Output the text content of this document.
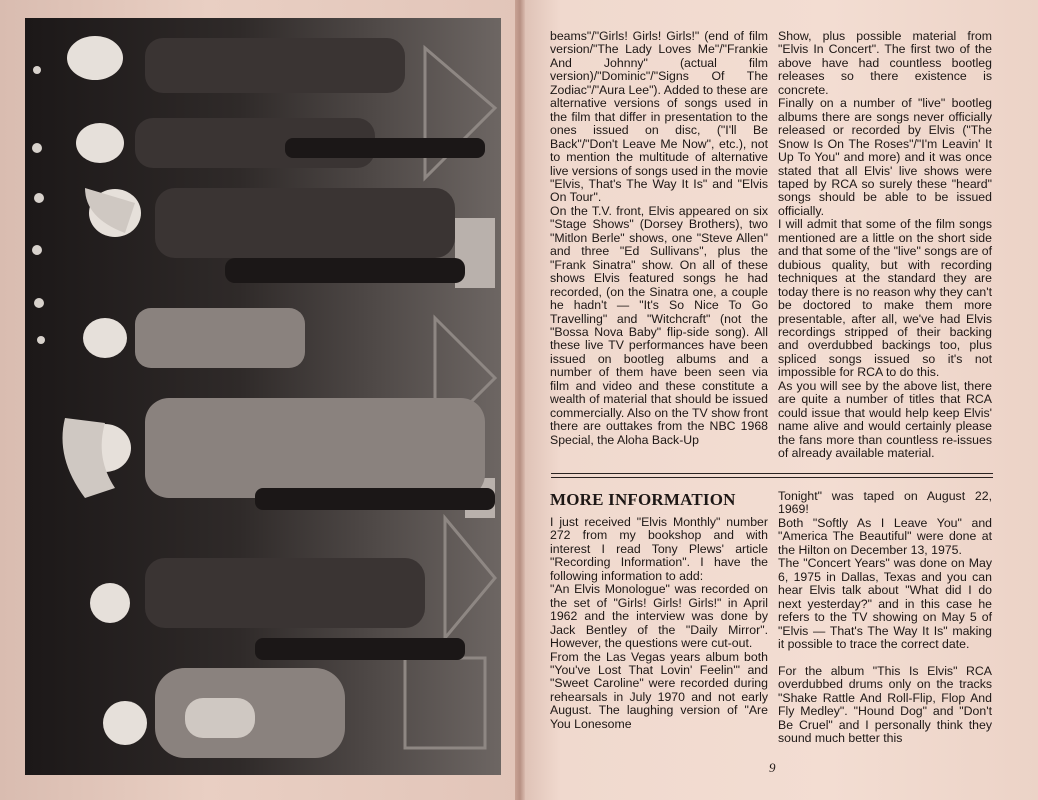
beams"/"Girls! Girls! Girls!" (end of film version/"The Lady Loves Me"/"Frankie And Johnny" (actual film version)/"Dominic"/"Signs Of The Zodiac"/"Aura Lee"). Added to these are alternative versions of songs used in the film that differ in presentation to the ones issued on disc, ("I'll Be Back"/"Don't Leave Me Now", etc.), not to mention the multitude of alternative live versions of songs used in the movie "Elvis, That's The Way It Is" and "Elvis On Tour".
On the T.V. front, Elvis appeared on six "Stage Shows" (Dorsey Brothers), two "Mitlon Berle" shows, one "Steve Allen" and three "Ed Sullivans", plus the "Frank Sinatra" show. On all of these shows Elvis featured songs he had recorded, (on the Sinatra one, a couple he hadn't — "It's So Nice To Go Travelling" and "Witchcraft" (not the "Bossa Nova Baby" flip-side song). All these live TV performances have been issued on bootleg albums and a number of them have been seen via film and video and these constitute a wealth of material that should be issued commercially. Also on the TV show front there are outtakes from the NBC 1968 Special, the Aloha Back-Up
Show, plus possible material from "Elvis In Concert". The first two of the above have had countless bootleg releases so there existence is concrete.
Finally on a number of "live" bootleg albums there are songs never officially released or recorded by Elvis ("The Snow Is On The Roses"/"I'm Leavin' It Up To You" and more) and it was once stated that all Elvis' live shows were taped by RCA so surely these "heard" songs should be able to be issued officially.
I will admit that some of the film songs mentioned are a little on the short side and that some of the "live" songs are of dubious quality, but with recording techniques at the standard they are today there is no reason why they can't be doctored to make them more presentable, after all, we've had Elvis recordings stripped of their backing and overdubbed backings too, plus spliced songs issued so it's not impossible for RCA to do this.
As you will see by the above list, there are quite a number of titles that RCA could issue that would help keep Elvis' name alive and would certainly please the fans more than countless re-issues of already available material.
MORE INFORMATION
I just received "Elvis Monthly" number 272 from my bookshop and with interest I read Tony Plews' article "Recording Information". I have the following information to add:
"An Elvis Monologue" was recorded on the set of "Girls! Girls! Girls!" in April 1962 and the interview was done by Jack Bentley of the "Daily Mirror". However, the questions were cut-out.
From the Las Vegas years album both "You've Lost That Lovin' Feelin'" and "Sweet Caroline" were recorded during rehearsals in July 1970 and not early August. The laughing version of "Are You Lonesome
Tonight" was taped on August 22, 1969!
Both "Softly As I Leave You" and "America The Beautiful" were done at the Hilton on December 13, 1975.
The "Concert Years" was done on May 6, 1975 in Dallas, Texas and you can hear Elvis talk about "What did I do next yesterday?" and in this case he refers to the TV showing on May 5 of "Elvis — That's The Way It Is" making it possible to trace the correct date.

For the album "This Is Elvis" RCA overdubbed drums only on the tracks "Shake Rattle And Roll-Flip, Flop And Fly Medley". "Hound Dog" and "Don't Be Cruel" and I personally think they sound much better this
9
